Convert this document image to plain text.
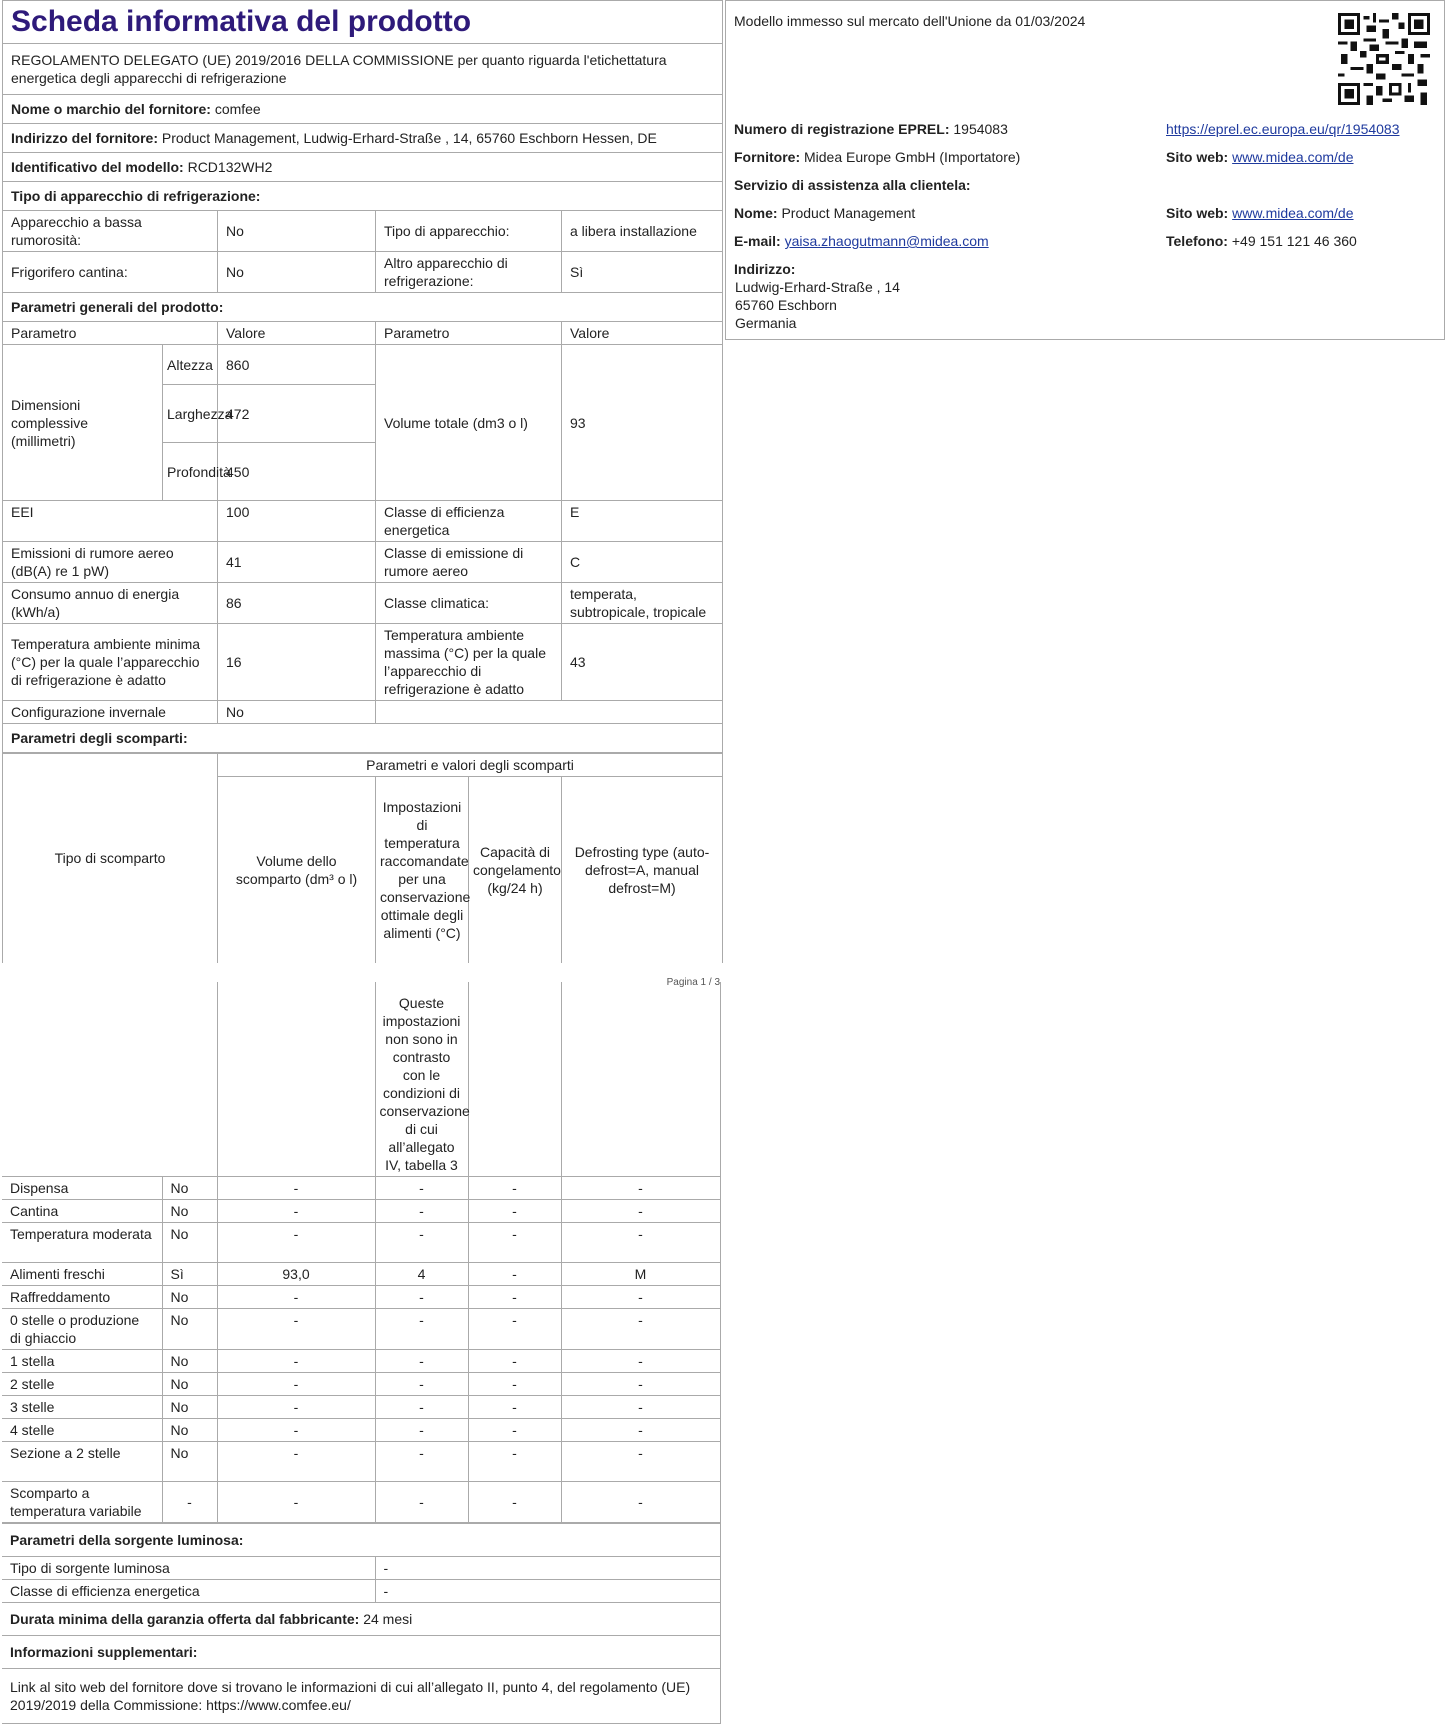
Scheda informativa del prodotto				
REGOLAMENTO DELEGATO (UE) 2019/2016 DELLA COMMISSIONE per quanto riguarda l'etichettatura energetica degli apparecchi di refrigerazione				
Nome o marchio del fornitore: comfee				
Indirizzo del fornitore: Product Management, Ludwig-Erhard-Straße , 14, 65760 Eschborn Hessen, DE				
Identificativo del modello: RCD132WH2				
Tipo di apparecchio di refrigerazione:				
Apparecchio a bassa rumorosità:		No	Tipo di apparecchio:	a libera installazione
Frigorifero cantina:		No	Altro apparecchio di refrigerazione:	Sì
Parametri generali del prodotto:				
Parametro		Valore	Parametro	Valore
Dimensioni complessive (millimetri)	Altezza	860	Volume totale (dm3 o l)	93
	Larghezza	472		
	Profondità	450		
EEI		100	Classe di efficienza energetica	E
Emissioni di rumore aereo (dB(A) re 1 pW)		41	Classe di emissione di rumore aereo	C
Consumo annuo di energia (kWh/a)		86	Classe climatica:	temperata, subtropicale, tropicale
Temperatura ambiente minima (°C) per la quale l’apparecchio di refrigerazione è adatto		16	Temperatura ambiente massima (°C) per la quale l’apparecchio di refrigerazione è adatto	43
Configurazione invernale		No		
Parametri degli scomparti:				
Tipo di scomparto	Parametri e valori degli scomparti			
	Volume dello scomparto (dm³ o l)	Impostazioni di temperatura raccomandate per una conservazione ottimale degli alimenti (°C)	Capacità di congelamento (kg/24 h)	Defrosting type (auto-defrost=A, manual defrost=M)
Pagina 1 / 3
Modello immesso sul mercato dell'Unione da 01/03/2024
Numero di registrazione EPREL: 1954083	https://eprel.ec.europa.eu/qr/1954083
Fornitore: Midea Europe GmbH (Importatore)	Sito web: www.midea.com/de
Servizio di assistenza alla clientela:
Nome: Product Management	Sito web: www.midea.com/de
E-mail: yaisa.zhaogutmann@midea.com	Telefono: +49 151 121 46 360
Indirizzo:
Ludwig-Erhard-Straße , 14
65760 Eschborn
Germania
			Queste impostazioni non sono in contrasto con le condizioni di conservazione di cui all’allegato IV, tabella 3		
Dispensa	No	-	-	-	-
Cantina	No	-	-	-	-
Temperatura moderata	No	-	-	-	-
Alimenti freschi	Sì	93,0	4	-	M
Raffreddamento	No	-	-	-	-
0 stelle o produzione di ghiaccio	No	-	-	-	-
1 stella	No	-	-	-	-
2 stelle	No	-	-	-	-
3 stelle	No	-	-	-	-
4 stelle	No	-	-	-	-
Sezione a 2 stelle	No	-	-	-	-
Scomparto a temperatura variabile	-	-	-	-	-
Parametri della sorgente luminosa:	
Tipo di sorgente luminosa	-
Classe di efficienza energetica	-
Durata minima della garanzia offerta dal fabbricante: 24 mesi	
Informazioni supplementari:	
Link al sito web del fornitore dove si trovano le informazioni di cui all’allegato II, punto 4, del regolamento (UE) 2019/2019 della Commissione: https://www.comfee.eu/	
